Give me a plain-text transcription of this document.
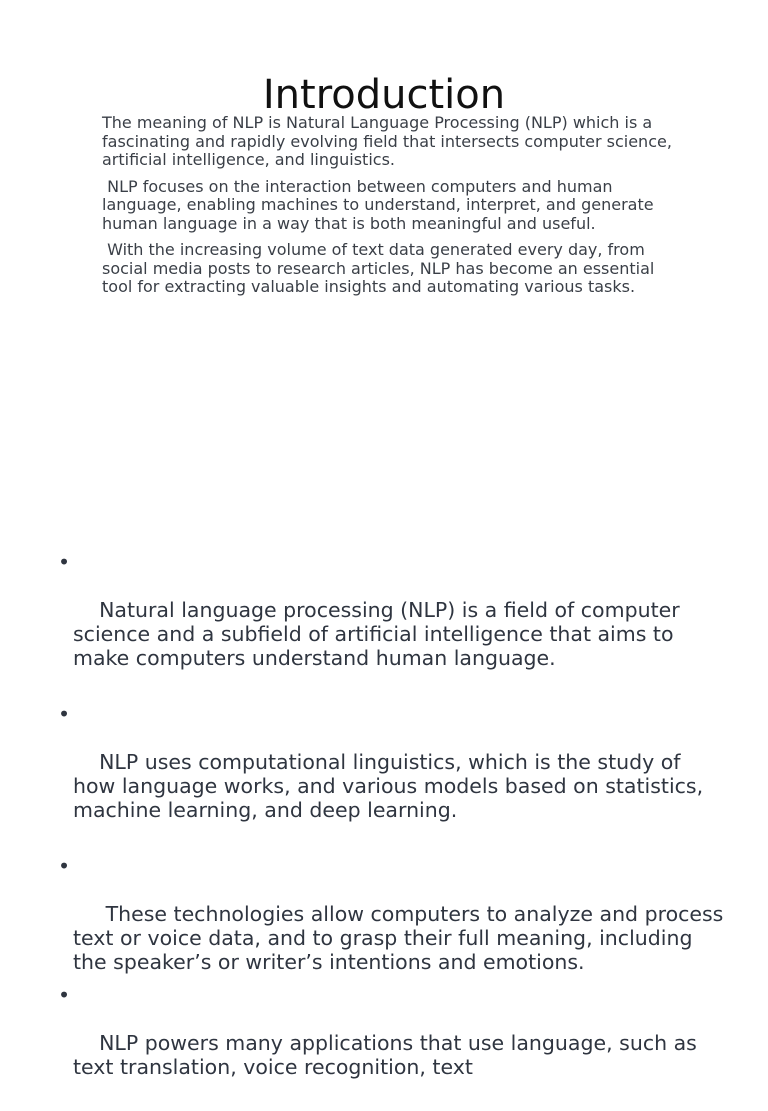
Introduction

The meaning of NLP is Natural Language Processing (NLP) which is a fascinating and rapidly evolving field that intersects computer science, artificial intelligence, and linguistics.

NLP focuses on the interaction between computers and human language, enabling machines to understand, interpret, and generate human language in a way that is both meaningful and useful.

With the increasing volume of text data generated every day, from social media posts to research articles, NLP has become an essential tool for extracting valuable insights and automating various tasks.

•

Natural language processing (NLP) is a field of computer science and a subfield of artificial intelligence that aims to make computers understand human language.

•

NLP uses computational linguistics, which is the study of how language works, and various models based on statistics, machine learning, and deep learning.

•

These technologies allow computers to analyze and process text or voice data, and to grasp their full meaning, including the speaker’s or writer’s intentions and emotions.

•

NLP powers many applications that use language, such as text translation, voice recognition, text
